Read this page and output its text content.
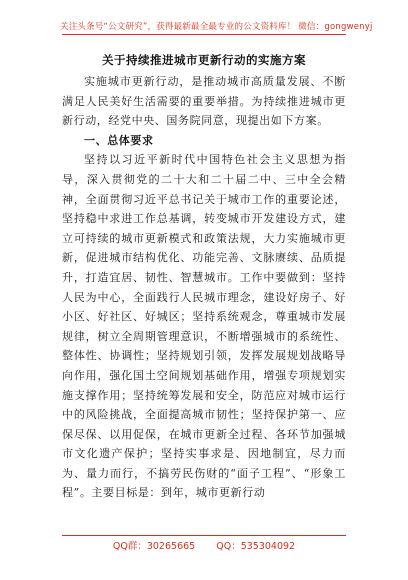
关注头条号“公文研究”，获得最新最全最专业的公文资料库！ 微信：gongwenyj
关于持续推进城市更新行动的实施方案

实施城市更新行动，是推动城市高质量发展、不断满足人民美好生活需要的重要举措。为持续推进城市更新行动，经党中央、国务院同意，现提出如下方案。

一、总体要求

坚持以习近平新时代中国特色社会主义思想为指导，深入贯彻党的二十大和二十届二中、三中全会精神，全面贯彻习近平总书记关于城市工作的重要论述，坚持稳中求进工作总基调，转变城市开发建设方式，建立可持续的城市更新模式和政策法规，大力实施城市更新，促进城市结构优化、功能完善、文脉赓续、品质提升，打造宜居、韧性、智慧城市。工作中要做到：坚持人民为中心，全面践行人民城市理念，建设好房子、好小区、好社区、好城区；坚持系统观念，尊重城市发展规律，树立全周期管理意识，不断增强城市的系统性、整体性、协调性；坚持规划引领，发挥发展规划战略导向作用，强化国土空间规划基础作用，增强专项规划实施支撑作用；坚持统筹发展和安全，防范应对城市运行中的风险挑战，全面提高城市韧性；坚持保护第一、应保尽保、以用促保，在城市更新全过程、各环节加强城市文化遗产保护；坚持实事求是、因地制宜，尽力而为、量力而行，不搞劳民伤财的“面子工程”、“形象工程”。主要目标是：到年，城市更新行动

QQ群：30265665 QQ：535304092
